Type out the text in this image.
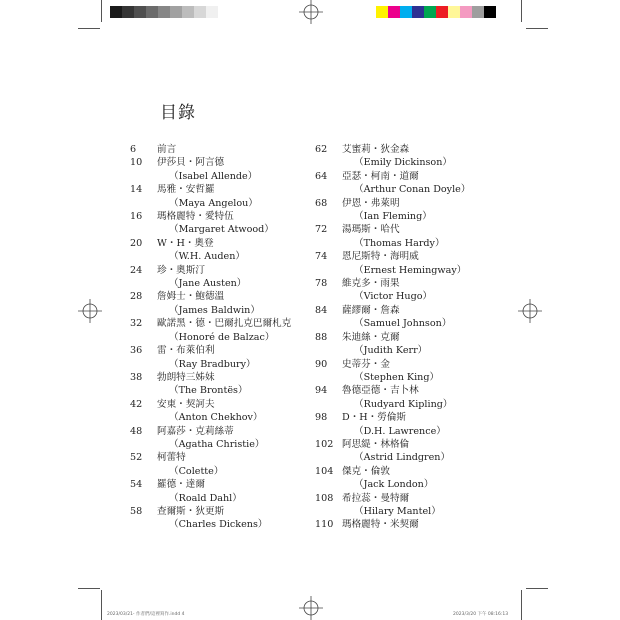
目錄
6	前言
10	伊莎貝・阿言德
（Isabel Allende）
14	馬雅・安哲羅
（Maya Angelou）
16	瑪格麗特・愛特伍
（Margaret Atwood）
20	W・H・奧登
（W.H. Auden）
24	珍・奧斯汀
（Jane Austen）
28	詹姆士・鮑德溫
（James Baldwin）
32	歐諾黑・德・巴爾扎克巴爾札克
（Honoré de Balzac）
36	雷・布萊伯利
（Ray Bradbury）
38	勃朗特三姊妹
（The Brontës）
42	安東・契訶夫
（Anton Chekhov）
48	阿嘉莎・克莉絲蒂
（Agatha Christie）
52	柯蕾特
（Colette）
54	羅德・達爾
（Roald Dahl）
58	查爾斯・狄更斯
（Charles Dickens）
62	艾蜜莉・狄金森
（Emily Dickinson）
64	亞瑟・柯南・道爾
（Arthur Conan Doyle）
68	伊恩・弗萊明
（Ian Fleming）
72	湯瑪斯・哈代
（Thomas Hardy）
74	恩尼斯特・海明威
（Ernest Hemingway）
78	維克多・雨果
（Victor Hugo）
84	薩繆爾・詹森
（Samuel Johnson）
88	朱迪絲・克爾
（Judith Kerr）
90	史蒂芬・金
（Stephen King）
94	魯德亞德・吉卜林
（Rudyard Kipling）
98	D・H・勞倫斯
（D.H. Lawrence）
102 阿思緹・林格倫
（Astrid Lindgren）
104 傑克・倫敦
（Jack London）
108 希拉蕊・曼特爾
（Hilary Mantel）
110 瑪格麗特・米契爾
2023/03/21- 作者們/這裡寫作.indd 4	2023/3/20 下午 08:16:13
